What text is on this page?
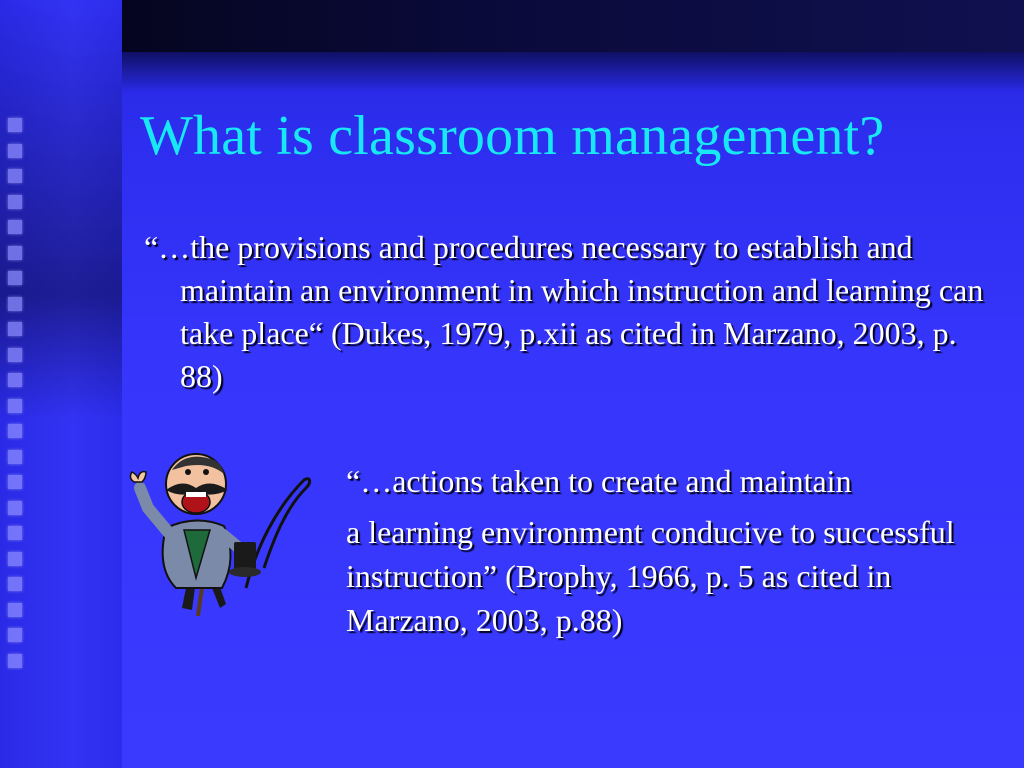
What is classroom management?
“…the provisions and procedures necessary to establish and maintain an environment in which instruction and learning can take place“ (Dukes, 1979, p.xii as cited in Marzano, 2003, p. 88)
“…actions taken to create and maintain
a learning environment conducive to successful instruction” (Brophy, 1966, p. 5 as cited in Marzano, 2003, p.88)
